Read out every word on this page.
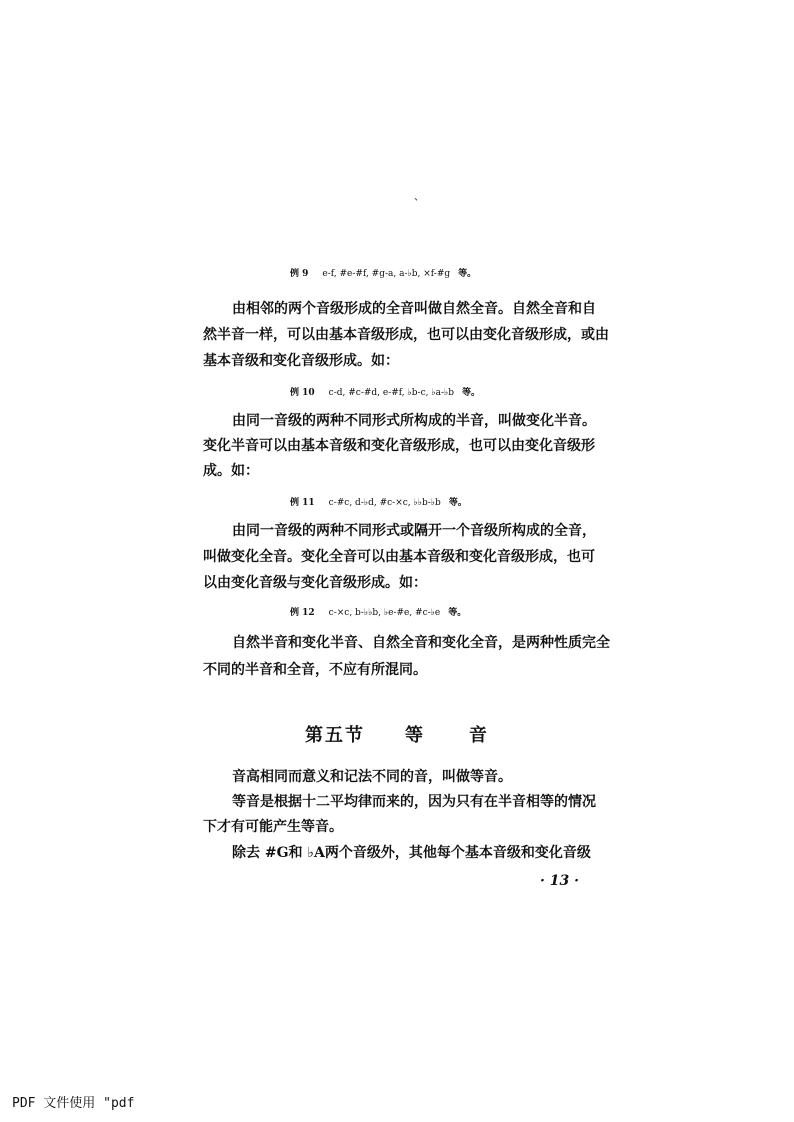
、
例 9 e-f, #e-#f, #g-a, a-♭b, ×f-#g 等。
由相邻的两个音级形成的全音叫做自然全音。自然全音和自
然半音一样，可以由基本音级形成，也可以由变化音级形成，或由
基本音级和变化音级形成。如：
例 10 c-d, #c-#d, e-#f, ♭b-c, ♭a-♭b 等。
由同一音级的两种不同形式所构成的半音，叫做变化半音。
变化半音可以由基本音级和变化音级形成，也可以由变化音级形
成。如：
例 11 c-#c, d-♭d, #c-×c, ♭♭b-♭b 等。
由同一音级的两种不同形式或隔开一个音级所构成的全音，
叫做变化全音。变化全音可以由基本音级和变化音级形成，也可
以由变化音级与变化音级形成。如：
例 12 c-×c, b-♭♭b, ♭e-#e, #c-♭e 等。
自然半音和变化半音、自然全音和变化全音，是两种性质完全
不同的半音和全音，不应有所混同。
第五节 等 音
音高相同而意义和记法不同的音，叫做等音。
等音是根据十二平均律而来的，因为只有在半音相等的情况
下才有可能产生等音。
除去 #G和 ♭A两个音级外，其他每个基本音级和变化音级
· 13 ·
PDF 文件使用 "pdf
